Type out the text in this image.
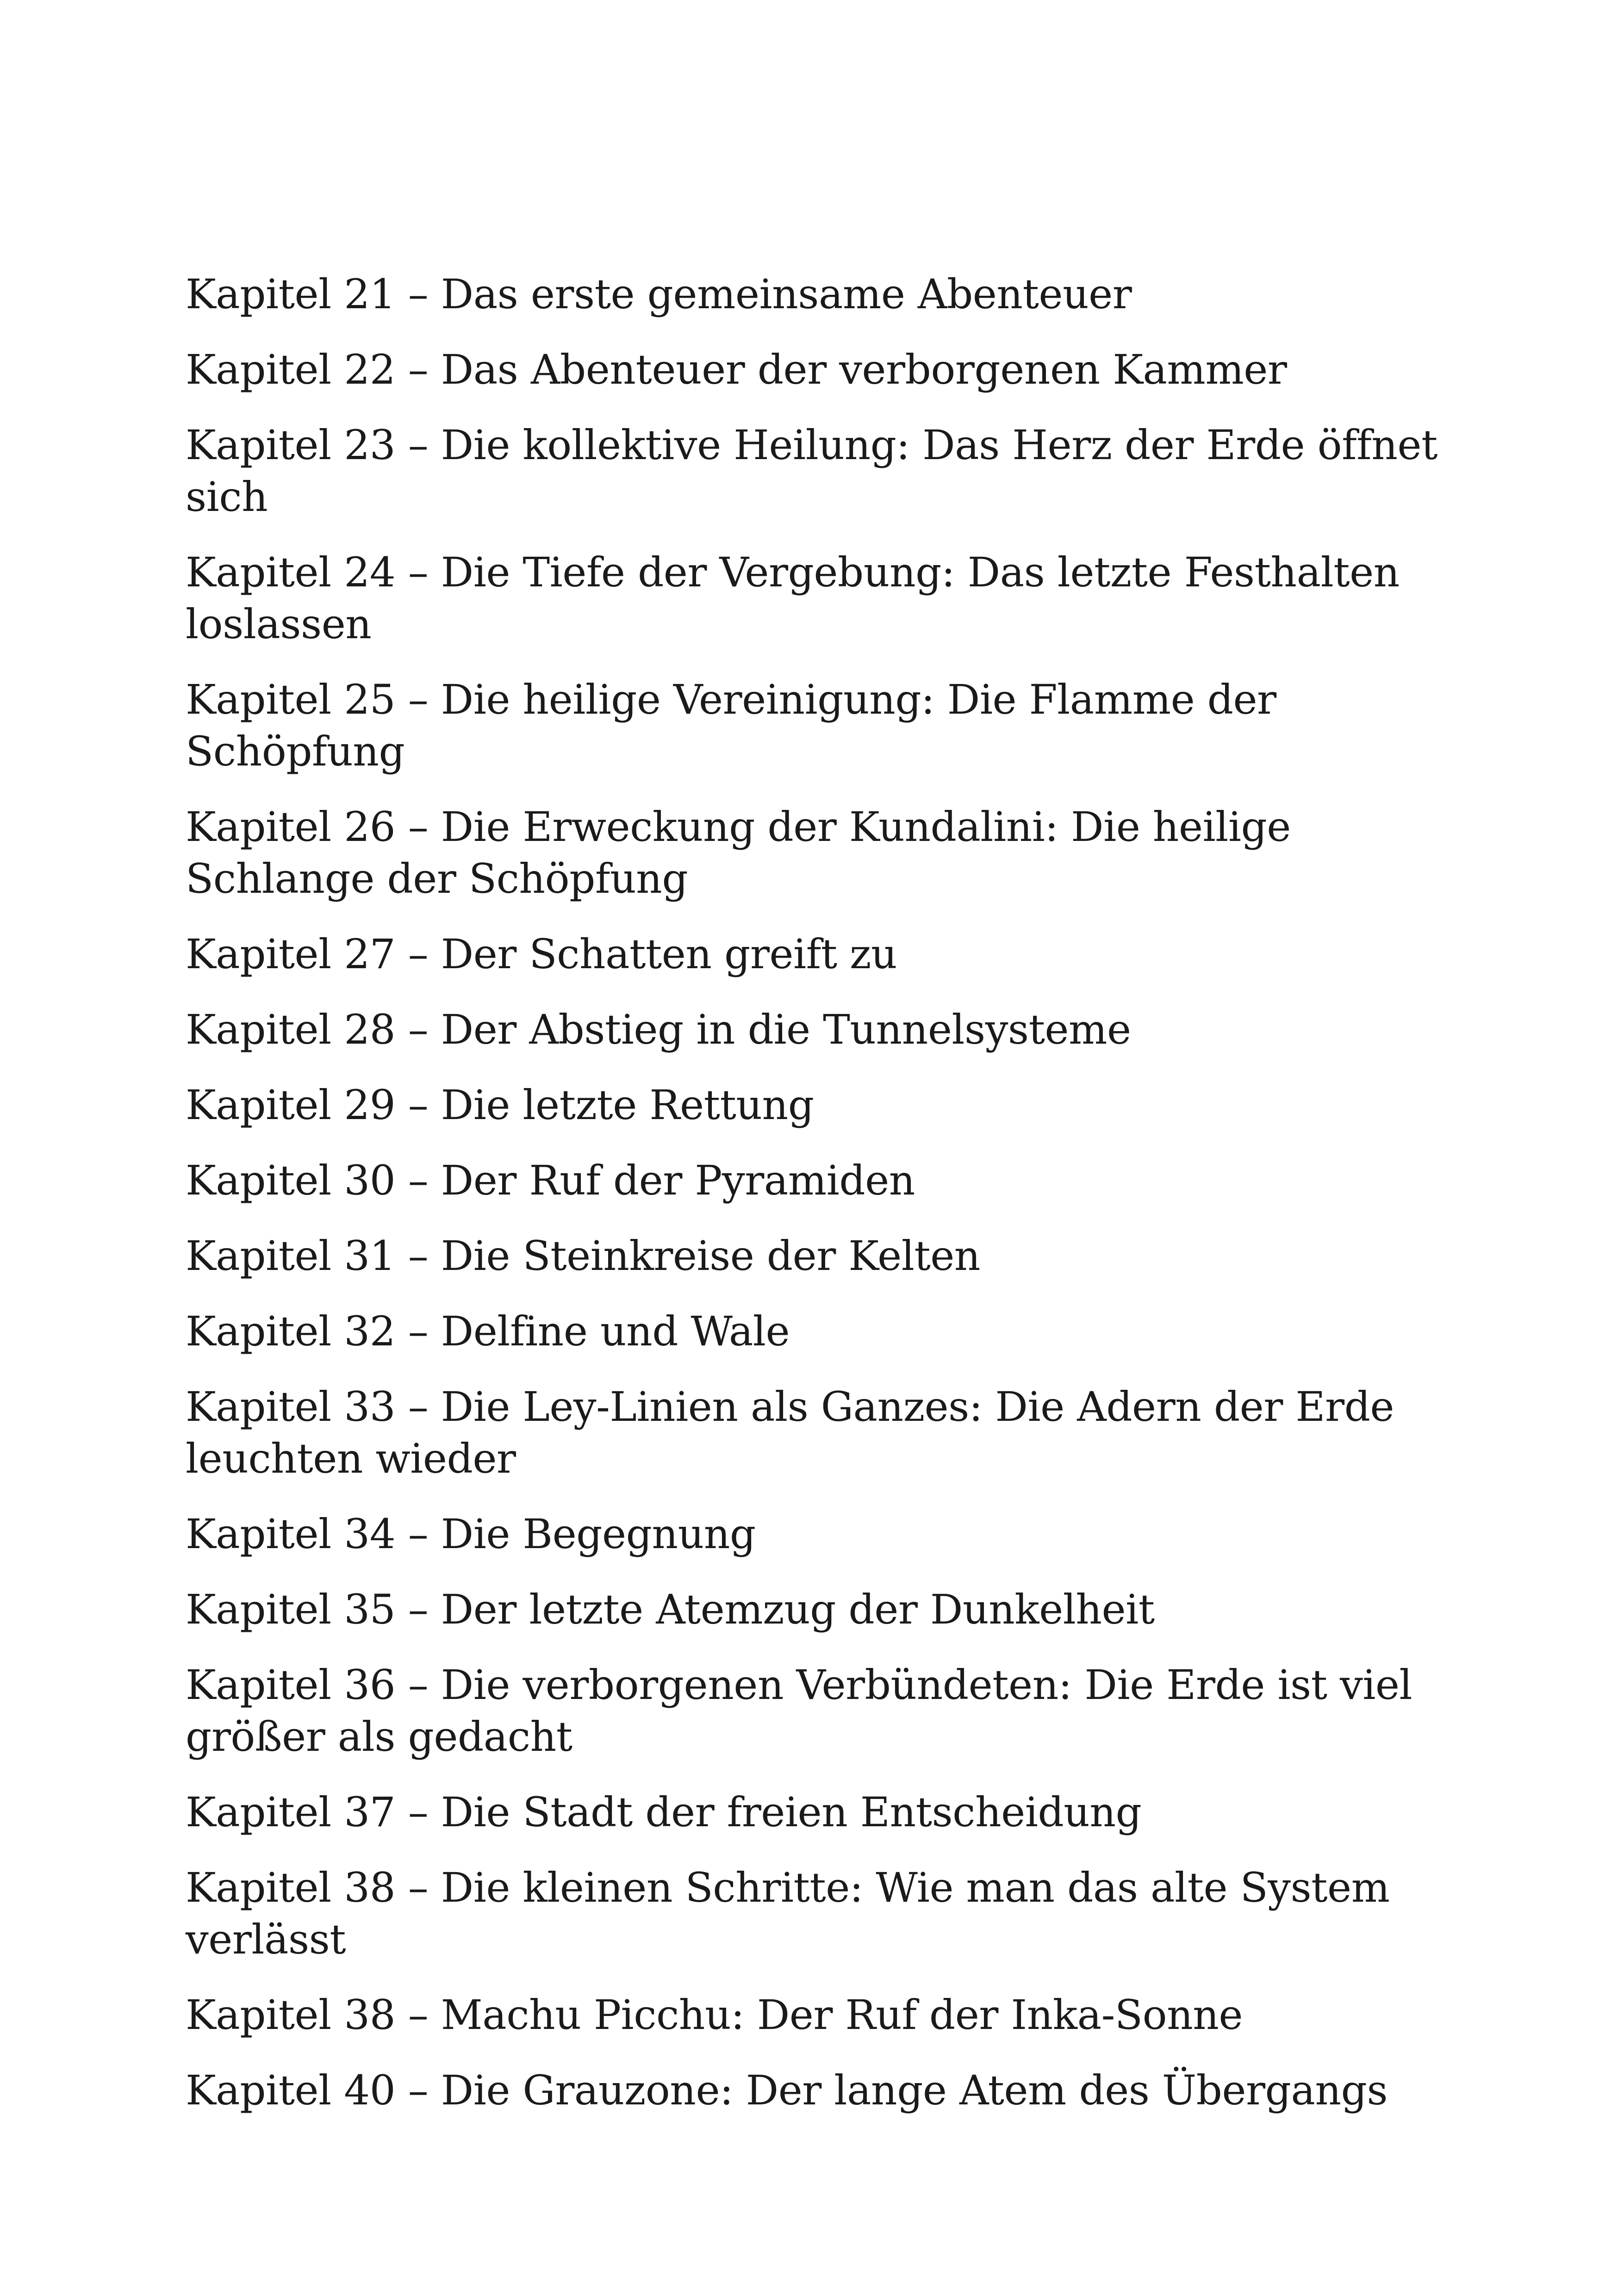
Kapitel 21 – Das erste gemeinsame Abenteuer
Kapitel 22 – Das Abenteuer der verborgenen Kammer
Kapitel 23 – Die kollektive Heilung: Das Herz der Erde öffnet sich
Kapitel 24 – Die Tiefe der Vergebung: Das letzte Festhalten loslassen
Kapitel 25 – Die heilige Vereinigung: Die Flamme der Schöpfung
Kapitel 26 – Die Erweckung der Kundalini: Die heilige Schlange der Schöpfung
Kapitel 27 – Der Schatten greift zu
Kapitel 28 – Der Abstieg in die Tunnelsysteme
Kapitel 29 – Die letzte Rettung
Kapitel 30 – Der Ruf der Pyramiden
Kapitel 31 – Die Steinkreise der Kelten
Kapitel 32 – Delfine und Wale
Kapitel 33 – Die Ley-Linien als Ganzes: Die Adern der Erde leuchten wieder
Kapitel 34 – Die Begegnung
Kapitel 35 – Der letzte Atemzug der Dunkelheit
Kapitel 36 – Die verborgenen Verbündeten: Die Erde ist viel größer als gedacht
Kapitel 37 – Die Stadt der freien Entscheidung
Kapitel 38 – Die kleinen Schritte: Wie man das alte System verlässt
Kapitel 38 – Machu Picchu: Der Ruf der Inka-Sonne
Kapitel 40 – Die Grauzone: Der lange Atem des Übergangs
